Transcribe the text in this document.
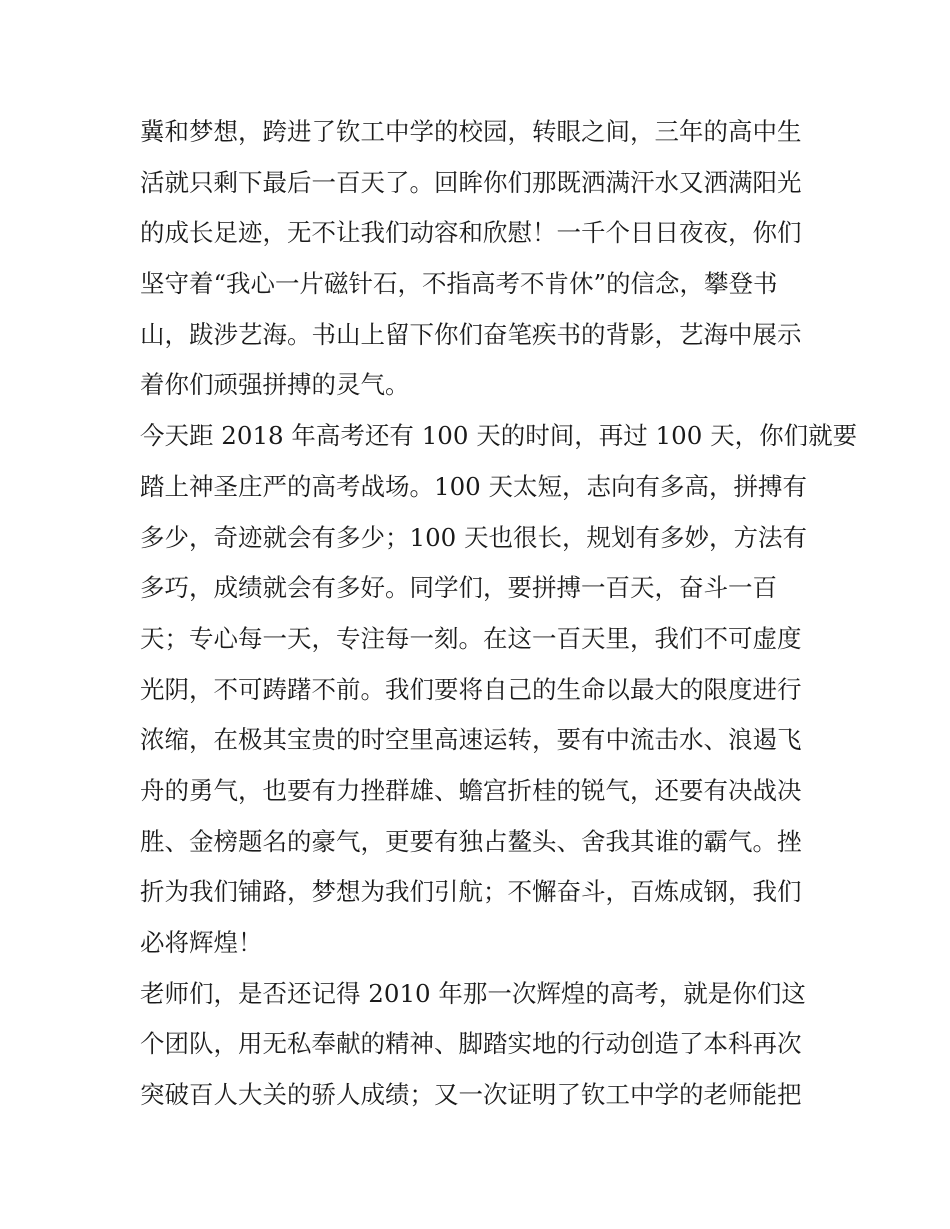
冀和梦想，跨进了钦工中学的校园，转眼之间，三年的高中生
活就只剩下最后一百天了。回眸你们那既洒满汗水又洒满阳光
的成长足迹，无不让我们动容和欣慰！一千个日日夜夜，你们
坚守着“我心一片磁针石，不指高考不肯休”的信念，攀登书
山，跋涉艺海。书山上留下你们奋笔疾书的背影，艺海中展示
着你们顽强拼搏的灵气。
今天距 2018 年高考还有 100 天的时间，再过 100 天，你们就要
踏上神圣庄严的高考战场。100 天太短，志向有多高，拼搏有
多少，奇迹就会有多少；100 天也很长，规划有多妙，方法有
多巧，成绩就会有多好。同学们，要拼搏一百天，奋斗一百
天；专心每一天，专注每一刻。在这一百天里，我们不可虚度
光阴，不可踌躇不前。我们要将自己的生命以最大的限度进行
浓缩，在极其宝贵的时空里高速运转，要有中流击水、浪遏飞
舟的勇气，也要有力挫群雄、蟾宫折桂的锐气，还要有决战决
胜、金榜题名的豪气，更要有独占鳌头、舍我其谁的霸气。挫
折为我们铺路，梦想为我们引航；不懈奋斗，百炼成钢，我们
必将辉煌！
老师们，是否还记得 2010 年那一次辉煌的高考，就是你们这
个团队，用无私奉献的精神、脚踏实地的行动创造了本科再次
突破百人大关的骄人成绩；又一次证明了钦工中学的老师能把
